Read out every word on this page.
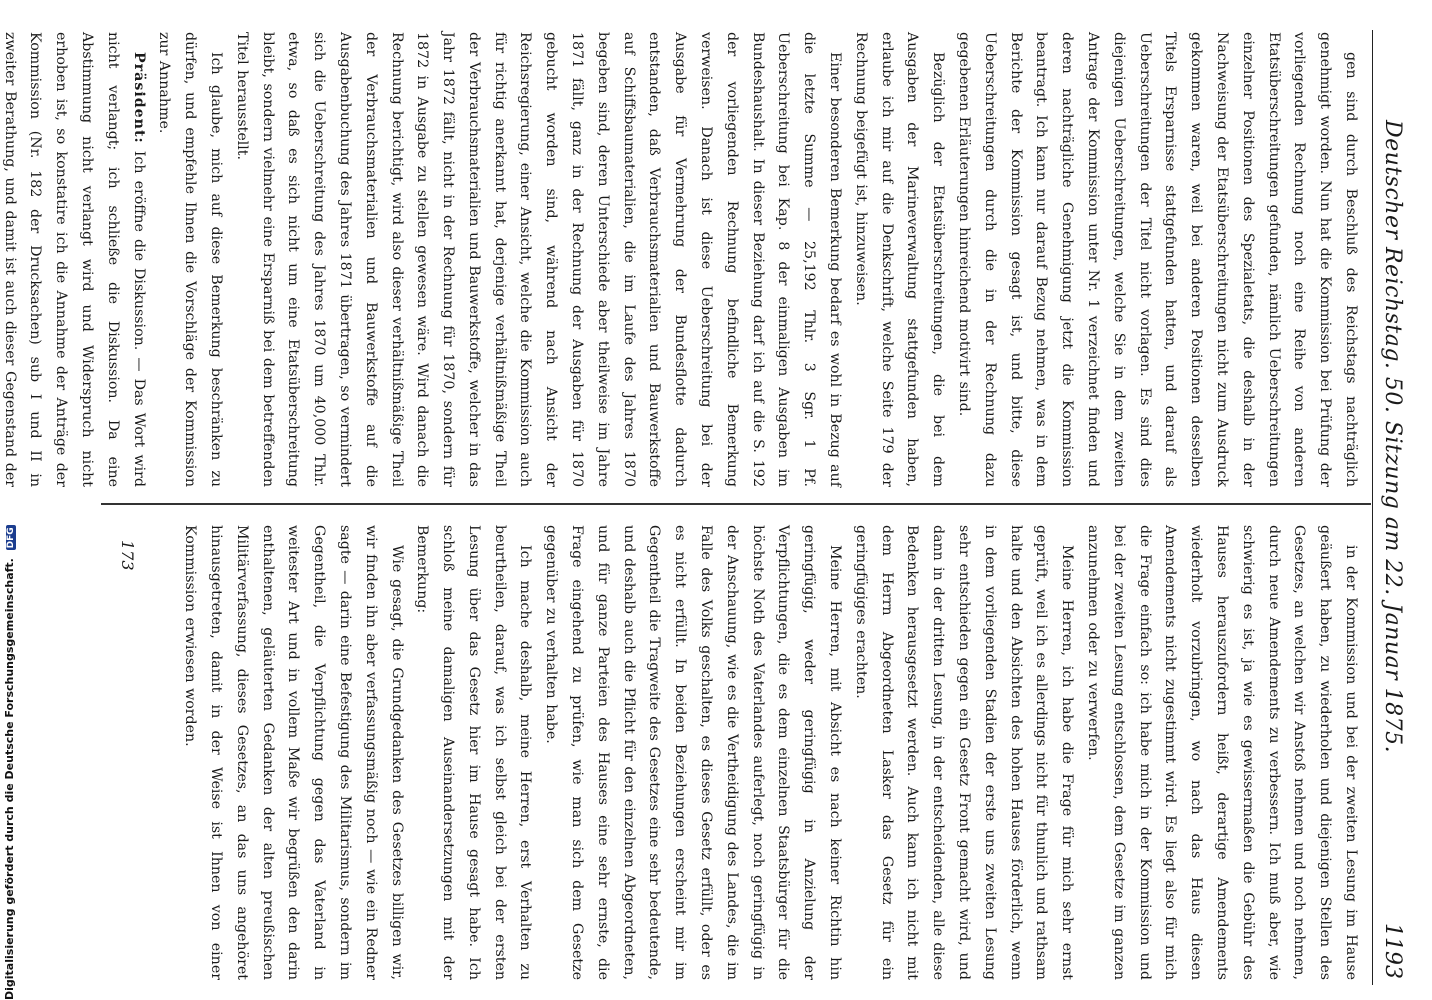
Deutscher Reichstag. 50. Sitzung am 22. Januar 1875.
1193

gen sind durch Beschluß des Reichstags nachträglich genehmigt worden. Nun hat die Kommission bei Prüfung der vorliegenden Rechnung noch eine Reihe von anderen Etatsüberschreitungen gefunden, nämlich Ueberschreitungen einzelner Positionen des Spezialetats, die deshalb in der Nachweisung der Etatsüberschreitungen nicht zum Ausdruck gekommen waren, weil bei anderen Positionen desselben Titels Ersparnisse stattgefunden hatten, und darauf als Ueberschreitungen der Titel nicht vorlagen. Es sind dies diejenigen Ueberschreitungen, welche Sie in dem zweiten Antrage der Kommission unter Nr. 1 verzeichnet finden und deren nachträgliche Genehmigung jetzt die Kommission beantragt. Ich kann nur darauf Bezug nehmen, was in dem Berichte der Kommission gesagt ist, und bitte, diese Ueberschreitungen durch die in der Rechnung dazu gegebenen Erläuterungen hinreichend motivirt sind.

Bezüglich der Etatsüberschreitungen, die bei dem Ausgaben der Marineverwaltung stattgefunden haben, erlaube ich mir auf die Denkschrift, welche Seite 179 der Rechnung beigefügt ist, hinzuweisen.

Einer besonderen Bemerkung bedarf es wohl in Bezug auf die letzte Summe — 25,192 Thlr. 3 Sgr. 1 Pf. Ueberschreitung bei Kap. 8 der einmaligen Ausgaben im Bundeshaushalt. In dieser Beziehung darf ich auf die S. 192 der vorliegenden Rechnung befindliche Bemerkung verweisen. Danach ist diese Ueberschreitung bei der Ausgabe für Vermehrung der Bundesflotte dadurch entstanden, daß Verbrauchsmaterialien und Bauwerkstoffe auf Schiffsbaumaterialien, die im Laufe des Jahres 1870 begeben sind, deren Unterschiede aber theilweise im Jahre 1871 fällt, ganz in der Rechnung der Ausgaben für 1870 gebucht worden sind, während nach Ansicht der Reichsregierung, einer Ansicht, welche die Kommission auch für richtig anerkannt hat, derjenige verhältnißmäßige Theil der Verbrauchsmaterialien und Bauwerkstoffe, welcher in das Jahr 1872 fällt, nicht in der Rechnung für 1870, sondern für 1872 in Ausgabe zu stellen gewesen wäre. Wird danach die Rechnung berichtigt, wird also dieser verhältnißmäßige Theil der Verbrauchsmaterialien und Bauwerkstoffe auf die Ausgabenbuchung des Jahres 1871 übertragen, so vermindert sich die Ueberschreitung des Jahres 1870 um 40,000 Thlr. etwa, so daß es sich nicht um eine Etatsüberschreitung bleibt, sondern vielmehr eine Ersparniß bei dem betreffenden Titel herausstellt.

Ich glaube, mich auf diese Bemerkung beschränken zu dürfen, und empfehle Ihnen die Vorschläge der Kommission zur Annahme.

Präsident: Ich eröffne die Diskussion. — Das Wort wird nicht verlangt; ich schließe die Diskussion. Da eine Abstimmung nicht verlangt wird und Widerspruch nicht erhoben ist, so konstatire ich die Annahme der Anträge der Kommission (Nr. 182 der Drucksachen) sub I und II in zweiter Berathung, und damit ist auch dieser Gegenstand der

in der Kommission und bei der zweiten Lesung im Hause geäußert haben, zu wiederholen und diejenigen Stellen des Gesetzes, an welchen wir Anstoß nehmen und noch nehmen, durch neue Amendements zu verbessern. Ich muß aber, wie schwierig es ist, ja wie es gewissermaßen die Gebühr des Hauses herauszufordern heißt, derartige Amendements wiederholt vorzubringen, wo nach das Haus diesen Amendements nicht zugestimmt wird. Es liegt also für mich die Frage einfach so: ich habe mich in der Kommission und bei der zweiten Lesung entschlossen, dem Gesetze im ganzen anzunehmen oder zu verwerfen.

Meine Herren, ich habe die Frage für mich sehr ernst geprüft, weil ich es allerdings nicht für thunlich und rathsam halte und den Absichten des hohen Hauses förderlich, wenn in dem vorliegenden Stadien der erste uns zweiten Lesung sehr entschieden gegen ein Gesetz Front gemacht wird, und dann in der dritten Lesung, in der entscheidenden, alle diese Bedenken herausgesetzt werden. Auch kann ich nicht mit dem Herrn Abgeordneten Lasker das Gesetz für ein geringfügiges erachten.

Meine Herren, mit Absicht es nach keiner Richtin hin geringfügig, weder geringfügig in Anzielung der Verpflichtungen, die es dem einzelnen Staatsbürger für die höchste Noth des Vaterlandes auferlegt, noch geringfügig in der Anschauung, wie es die Vertheidigung des Landes, die im Falle des Volks geschalten, es dieses Gesetz erfüllt, oder es es nicht erfüllt. In beiden Beziehungen erscheint mir im Gegentheil die Tragweite des Gesetzes eine sehr bedeutende, und deshalb auch die Pflicht für den einzelnen Abgeordneten, und für ganze Parteien des Hauses eine sehr ernste, die Frage eingehend zu prüfen, wie man sich dem Gesetze gegenüber zu verhalten habe.

Ich mache deshalb, meine Herren, erst Verhalten zu beurtheilen, darauf, was ich selbst gleich bei der ersten Lesung über das Gesetz hier im Hause gesagt habe. Ich schloß meine damaligen Auseinandersetzungen mit der Bemerkung:

Wie gesagt, die Grundgedanken des Gesetzes billigen wir, wir finden ihn aber verfassungsmäßig noch — wie ein Redner sagte — darin eine Befestigung des Militarismus, sondern im Gegentheil, die Verpflichtung gegen das Vaterland in weitester Art und in vollem Maße wir begrüßen den darin enthaltenen, geläuterten Gedanken der alten preußischen Militärverfassung, dieses Gesetzes, an das uns angehöret hinausgetreten, damit in der Weise ist Ihnen von einer Kommission erwiesen worden.

173
Digitalisierung gefördert durch die Deutsche Forschungsgemeinschaft. DFG
